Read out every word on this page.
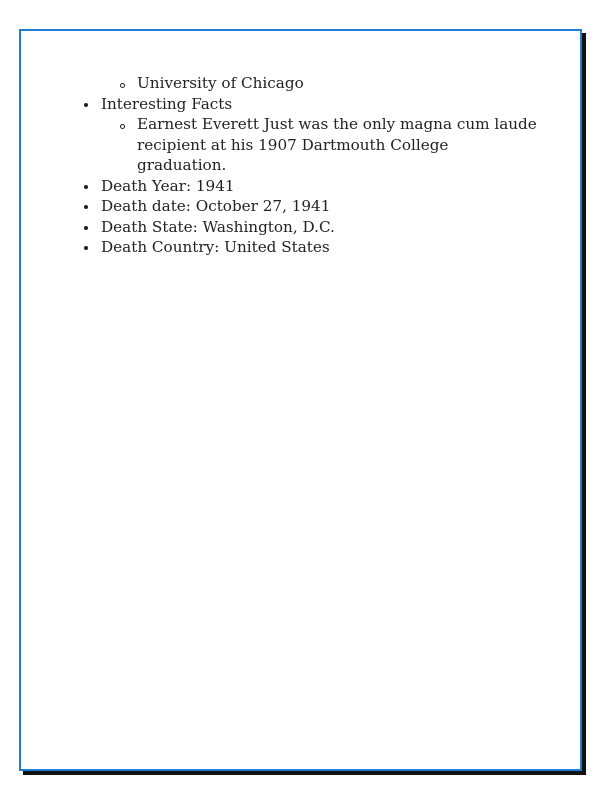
University of Chicago
Interesting Facts
Earnest Everett Just was the only magna cum laude recipient at his 1907 Dartmouth College graduation.
Death Year: 1941
Death date: October 27, 1941
Death State: Washington, D.C.
Death Country: United States
